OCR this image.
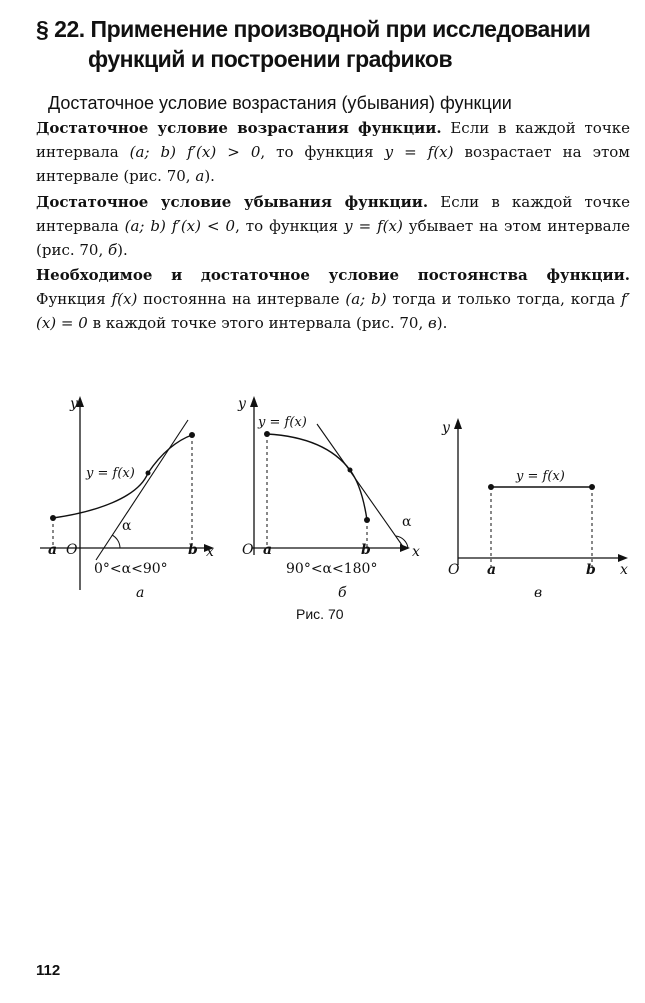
§ 22. Применение производной при исследовании
функций и построении графиков
Достаточное условие возрастания (убывания) функции
Достаточное условие возрастания функции. Если в каждой точке интервала (a; b) f′(x) > 0, то функция y = f(x) возрастает на этом интервале (рис. 70, а).
Достаточное условие убывания функции. Если в каждой точке интервала (a; b) f′(x) < 0, то функция y = f(x) убывает на этом интервале (рис. 70, б).
Необходимое и достаточное условие постоянства функции. Функция f(x) постоянна на интервале (a; b) тогда и только тогда, когда f′(x) = 0 в каждой точке этого интервала (рис. 70, в).
y
x
O
a	b
y = f(x)
α
0°<α<90°
а
y
x
O a	b
y = f(x)
α
90°<α<180°
б
y
x
O a	b
y = f(x)
в
Рис. 70
112
